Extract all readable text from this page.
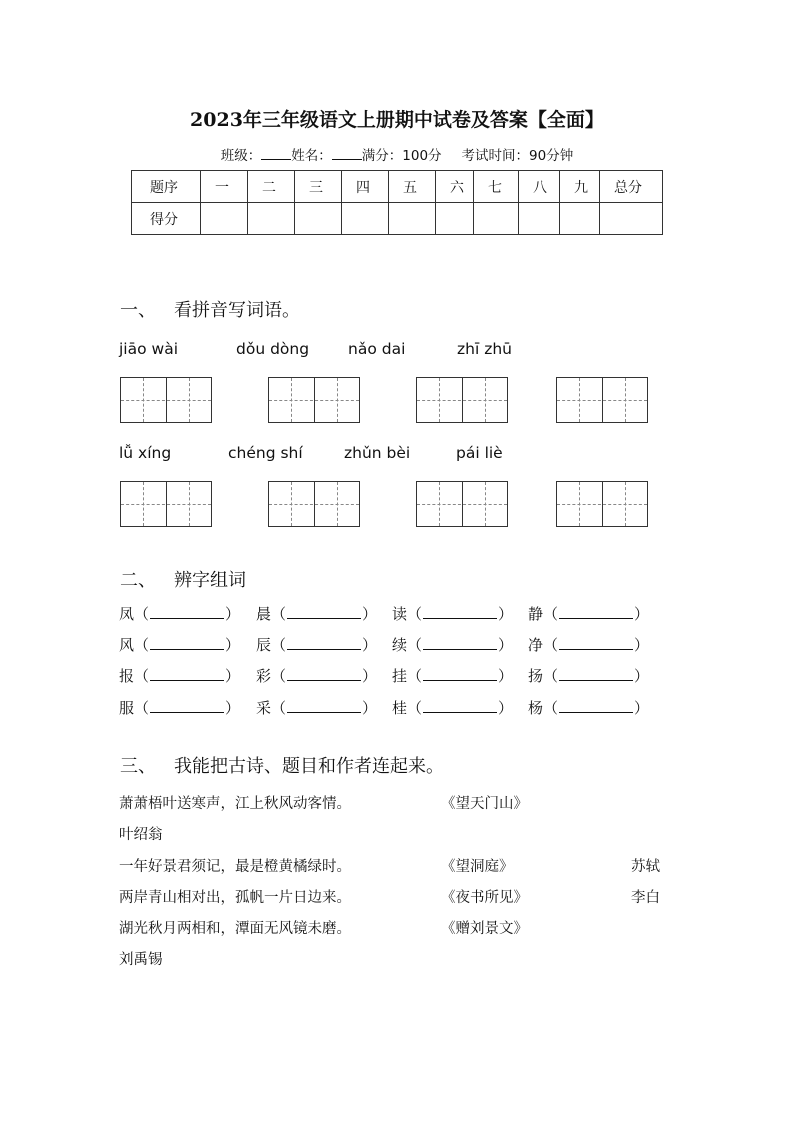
2023年三年级语文上册期中试卷及答案【全面】
班级： 姓名： 满分：100分 考试时间：90分钟
题序	一	二	三	四	五	六	七	八	九	总分
得分										
一、 看拼音写词语。
jiāo wài	dǒu dòng	nǎo dai	zhī zhū
lǚ xíng	chéng shí	zhǔn bèi	pái liè
二、 辨字组词
凤（	） 晨（	） 读（	） 静（	）
风（	） 辰（	） 续（	） 净（	）
报（	） 彩（	） 挂（	） 扬（	）
服（	） 采（	） 桂（	） 杨（	）
三、 我能把古诗、题目和作者连起来。
萧萧梧叶送寒声，江上秋风动客情。	《望天门山》
叶绍翁
一年好景君须记，最是橙黄橘绿时。	《望洞庭》	苏轼
两岸青山相对出，孤帆一片日边来。	《夜书所见》	李白
湖光秋月两相和，潭面无风镜未磨。	《赠刘景文》
刘禹锡
